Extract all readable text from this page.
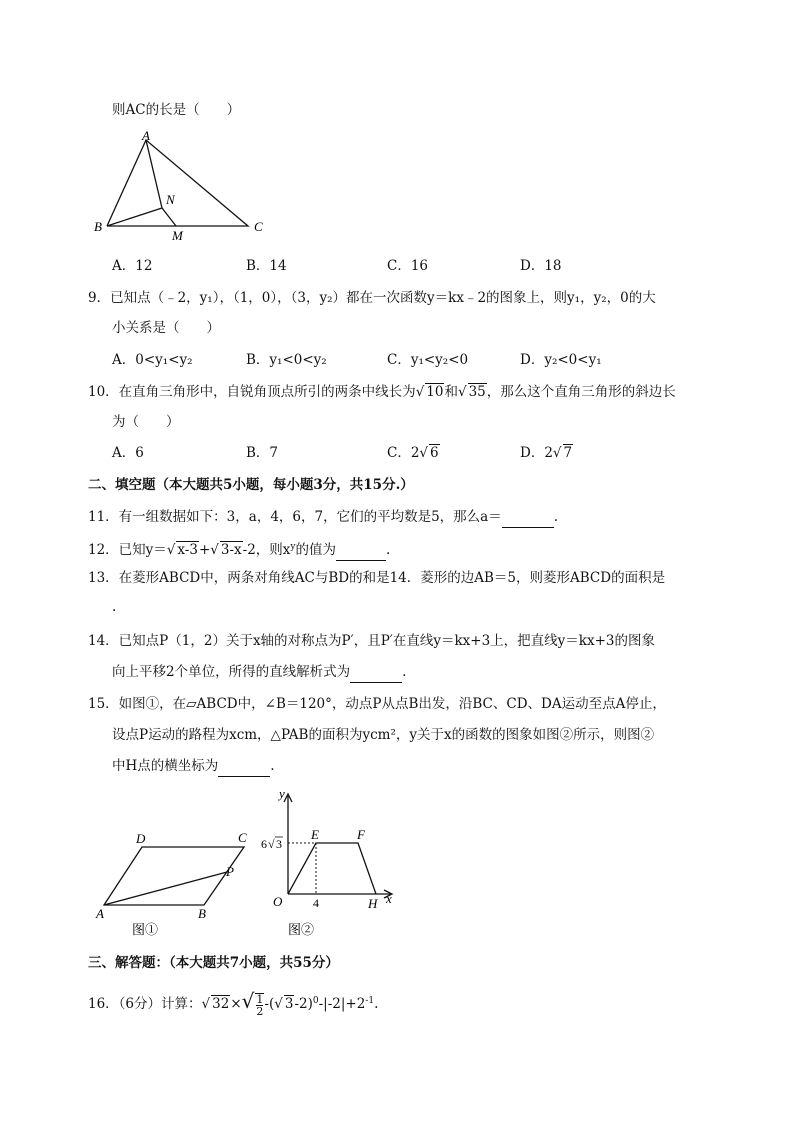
则AC的长是（　　）
A
B	C
N
M
A．12	B．14	C．16	D．18
9．已知点（﹣2，y₁），（1，0），（3，y₂）都在一次函数y＝kx﹣2的图象上，则y₁，y₂，0的大
小关系是（　　）
A．0<y₁<y₂	B．y₁<0<y₂	C．y₁<y₂<0	D．y₂<0<y₁
10．在直角三角形中，自锐角顶点所引的两条中线长为√ 10和√ 35，那么这个直角三角形的斜边长
为（　　）
A．6	B．7	C．2√ 6	D．2√ 7
二、填空题（本大题共5小题，每小题3分，共15分.）
11．有一组数据如下：3，a，4，6，7，它们的平均数是5，那么a＝	.
12．已知y＝√ x-3+√ 3-x-2，则$x^y$的值为	.
13．在菱形ABCD中，两条对角线AC与BD的和是14．菱形的边AB＝5，则菱形ABCD的面积是
.
14．已知点P（1，2）关于x轴的对称点为P′，且P′在直线y＝kx+3上，把直线y＝kx+3的图象
向上平移2个单位，所得的直线解析式为	.
15．如图①，在▱ABCD中，∠B＝120°，动点P从点B出发，沿BC、CD、DA运动至点A停止，
设点P运动的路程为xcm，△PAB的面积为ycm²，y关于x的函数的图象如图②所示，则图②
中H点的横坐标为	.
D	C
P
A	B
图①
y
x
O
E	F
H
4
6 √ 3
图②
三、解答题：（本大题共7小题，共55分）
16．（6分）计算：√ $32\times√ \frac{1}{2}$ -(√ $3-2)^0-|-2|+2^{-1}$.
